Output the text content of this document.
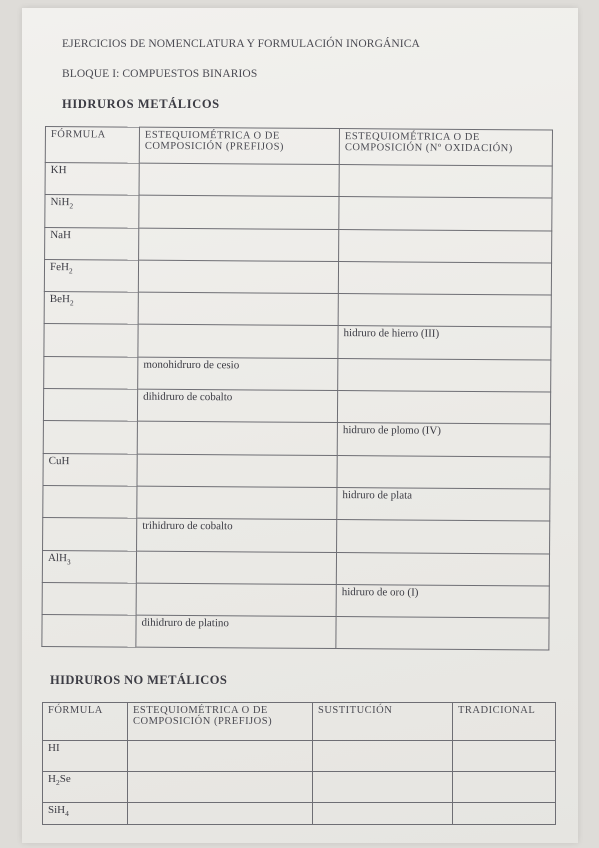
EJERCICIOS DE NOMENCLATURA Y FORMULACIÓN INORGÁNICA
BLOQUE I: COMPUESTOS BINARIOS
HIDRUROS METÁLICOS
FÓRMULA	ESTEQUIOMÉTRICA O DE COMPOSICIÓN (PREFIJOS)	ESTEQUIOMÉTRICA O DE COMPOSICIÓN (Nº OXIDACIÓN)
KH		
NiH$_2$		
NaH		
FeH$_2$		
BeH$_2$		
		hidruro de hierro (III)
	monohidruro de cesio	
	dihidruro de cobalto	
		hidruro de plomo (IV)
CuH		
		hidruro de plata
	trihidruro de cobalto	
AlH$_3$		
		hidruro de oro (I)
	dihidruro de platino	
HIDRUROS NO METÁLICOS
FÓRMULA	ESTEQUIOMÉTRICA O DE COMPOSICIÓN (PREFIJOS)	SUSTITUCIÓN	TRADICIONAL
HI			
$H_2Se$			
SiH$_4$			
